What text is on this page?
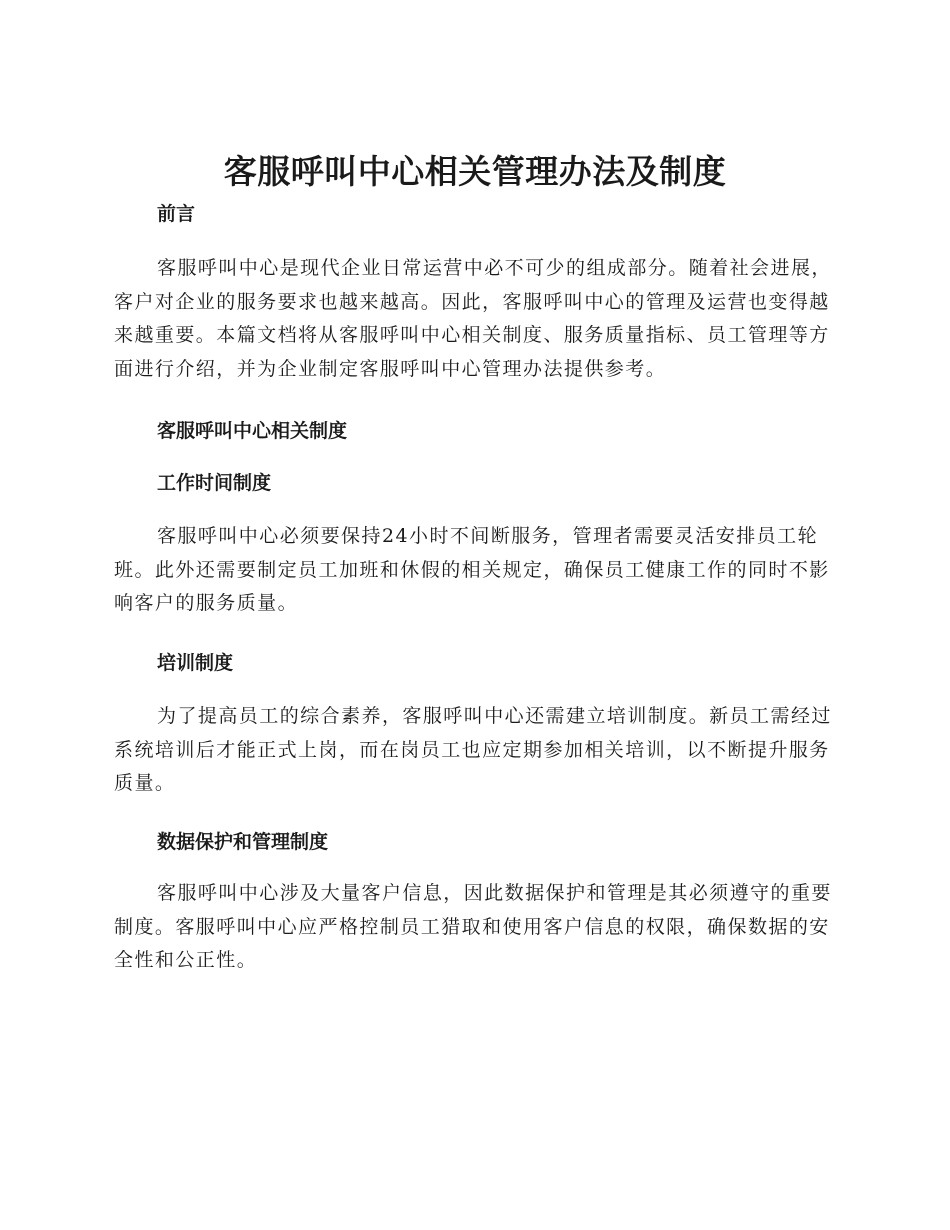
客服呼叫中心相关管理办法及制度
前言

客服呼叫中心是现代企业日常运营中必不可少的组成部分。随着社会进展，客户对企业的服务要求也越来越高。因此，客服呼叫中心的管理及运营也变得越来越重要。本篇文档将从客服呼叫中心相关制度、服务质量指标、员工管理等方面进行介绍，并为企业制定客服呼叫中心管理办法提供参考。

客服呼叫中心相关制度
工作时间制度

客服呼叫中心必须要保持24小时不间断服务，管理者需要灵活安排员工轮班。此外还需要制定员工加班和休假的相关规定，确保员工健康工作的同时不影响客户的服务质量。

培训制度

为了提高员工的综合素养，客服呼叫中心还需建立培训制度。新员工需经过系统培训后才能正式上岗，而在岗员工也应定期参加相关培训，以不断提升服务质量。

数据保护和管理制度

客服呼叫中心涉及大量客户信息，因此数据保护和管理是其必须遵守的重要制度。客服呼叫中心应严格控制员工猎取和使用客户信息的权限，确保数据的安全性和公正性。
